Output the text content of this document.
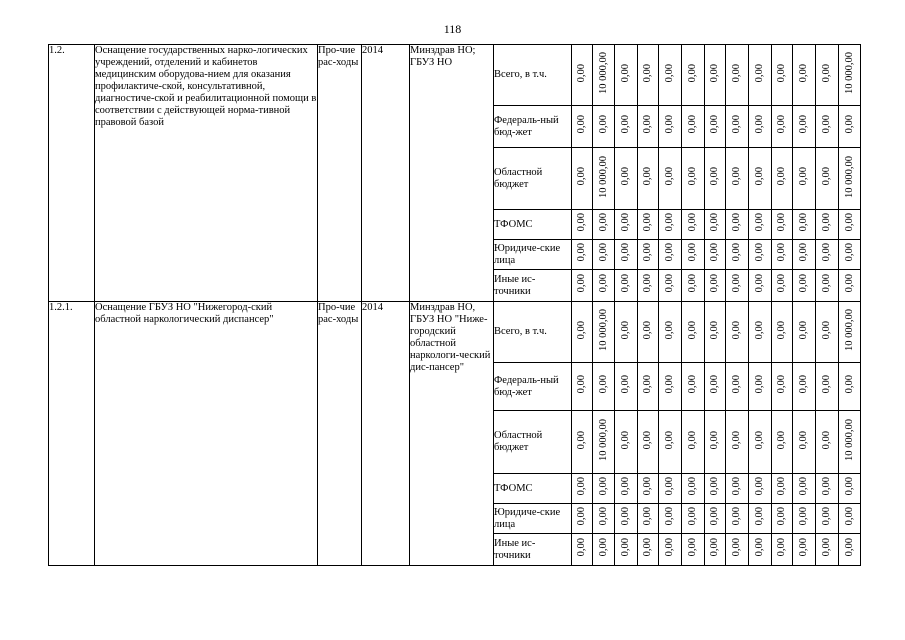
118
1.2.	Оснащение государственных нарко-логических учреждений, отделений и кабинетов медицинским оборудова-нием для оказания профилактиче-ской, консультативной, диагностиче-ской и реабилитационной помощи в соответствии с действующей норма-тивной правовой базой	Про-чие рас-ходы	2014	Минздрав НО; ГБУЗ НО	Всего, в т.ч.	0,00	10 000,00	0,00	0,00	0,00	0,00	0,00	0,00	0,00	0,00	0,00	0,00	10 000,00
					Федераль-ный бюд-жет	0,00	0,00	0,00	0,00	0,00	0,00	0,00	0,00	0,00	0,00	0,00	0,00	0,00
					Областной бюджет	0,00	10 000,00	0,00	0,00	0,00	0,00	0,00	0,00	0,00	0,00	0,00	0,00	10 000,00
					ТФОМС	0,00	0,00	0,00	0,00	0,00	0,00	0,00	0,00	0,00	0,00	0,00	0,00	0,00
					Юридиче-ские лица	0,00	0,00	0,00	0,00	0,00	0,00	0,00	0,00	0,00	0,00	0,00	0,00	0,00
					Иные ис-точники	0,00	0,00	0,00	0,00	0,00	0,00	0,00	0,00	0,00	0,00	0,00	0,00	0,00
1.2.1.	Оснащение ГБУЗ НО "Нижегород-ский областной наркологический диспансер"	Про-чие рас-ходы	2014	Минздрав НО, ГБУЗ НО "Ниже-городский областной наркологи-ческий дис-пансер"	Всего, в т.ч.	0,00	10 000,00	0,00	0,00	0,00	0,00	0,00	0,00	0,00	0,00	0,00	0,00	10 000,00
					Федераль-ный бюд-жет	0,00	0,00	0,00	0,00	0,00	0,00	0,00	0,00	0,00	0,00	0,00	0,00	0,00
					Областной бюджет	0,00	10 000,00	0,00	0,00	0,00	0,00	0,00	0,00	0,00	0,00	0,00	0,00	10 000,00
					ТФОМС	0,00	0,00	0,00	0,00	0,00	0,00	0,00	0,00	0,00	0,00	0,00	0,00	0,00
					Юридиче-ские лица	0,00	0,00	0,00	0,00	0,00	0,00	0,00	0,00	0,00	0,00	0,00	0,00	0,00
					Иные ис-точники	0,00	0,00	0,00	0,00	0,00	0,00	0,00	0,00	0,00	0,00	0,00	0,00	0,00
